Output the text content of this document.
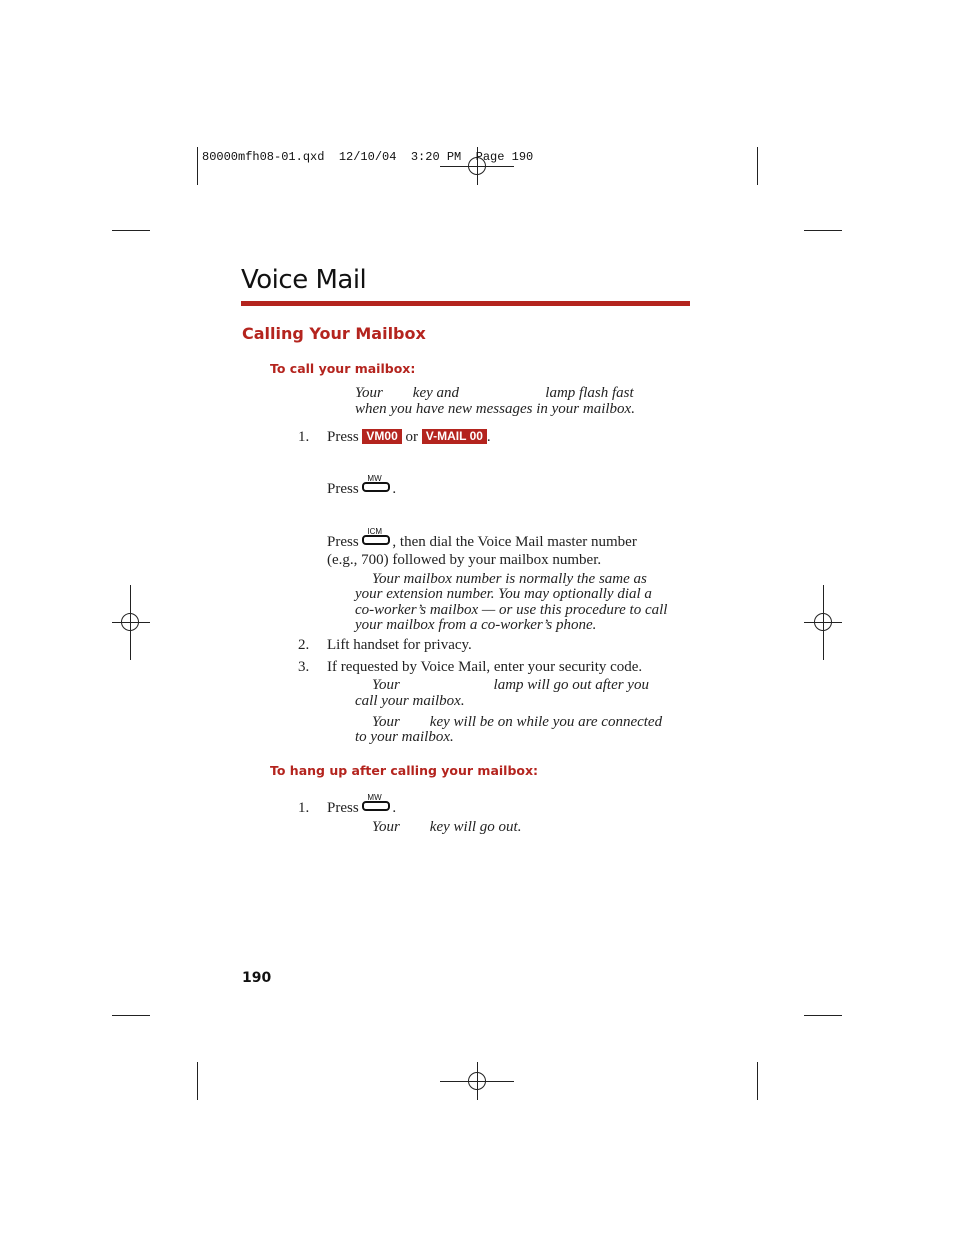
80000mfh08-01.qxd  12/10/04  3:20 PM  Page 190
Voice Mail
Calling Your Mailbox
To call your mailbox:
Your        key and                       lamp flash fast
when you have new messages in your mailbox.
1. Press VM00 or V-MAIL 00 .
Press
MW
.
Press
ICM
, then dial the Voice Mail master number
(e.g., 700) followed by your mailbox number.
Your mailbox number is normally the same as
your extension number. You may optionally dial a
co-worker’s mailbox — or use this procedure to call
your mailbox from a co-worker’s phone.
2. Lift handset for privacy.
3. If requested by Voice Mail, enter your security code.
Your                         lamp will go out after you
call your mailbox.
Your        key will be on while you are connected
to your mailbox.
To hang up after calling your mailbox:
1. Press
MW
.
Your        key will go out.
190
